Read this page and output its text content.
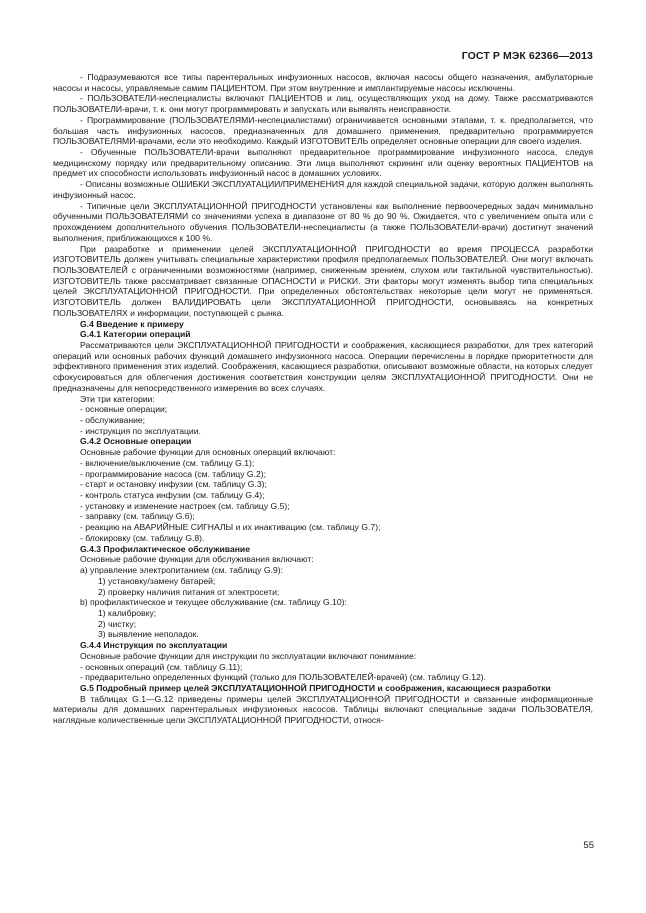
ГОСТ Р МЭК 62366—2013

- Подразумеваются все типы парентеральных инфузионных насосов, включая насосы общего назначения, амбулаторные насосы и насосы, управляемые самим ПАЦИЕНТОМ. При этом внутренние и имплантируемые насосы исключены.

- ПОЛЬЗОВАТЕЛИ-неспециалисты включают ПАЦИЕНТОВ и лиц, осуществляющих уход на дому. Также рассматриваются ПОЛЬЗОВАТЕЛИ-врачи, т. к. они могут программировать и запускать или выявлять неисправности.

- Программирование (ПОЛЬЗОВАТЕЛЯМИ-неспециалистами) ограничивается основными этапами, т. к. предполагается, что большая часть инфузионных насосов, предназначенных для домашнего применения, предварительно программируется ПОЛЬЗОВАТЕЛЯМИ-врачами, если это необходимо. Каждый ИЗГОТОВИТЕЛЬ определяет основные операции для своего изделия.

- Обученные ПОЛЬЗОВАТЕЛИ-врачи выполняют предварительное программирование инфузионного насоса, следуя медицинскому порядку или предварительному описанию. Эти лица выполняют скрининг или оценку вероятных ПАЦИЕНТОВ на предмет их способности использовать инфузионный насос в домашних условиях.

- Описаны возможные ОШИБКИ ЭКСПЛУАТАЦИИ/ПРИМЕНЕНИЯ для каждой специальной задачи, которую должен выполнять инфузионный насос.

- Типичные цели ЭКСПЛУАТАЦИОННОЙ ПРИГОДНОСТИ установлены как выполнение первоочередных задач минимально обученными ПОЛЬЗОВАТЕЛЯМИ со значениями успеха в диапазоне от 80 % до 90 %. Ожидается, что с увеличением опыта или с прохождением дополнительного обучения ПОЛЬЗОВАТЕЛИ-неспециалисты (а также ПОЛЬЗОВАТЕЛИ-врачи) достигнут значений выполнения, приближающихся к 100 %.

При разработке и применении целей ЭКСПЛУАТАЦИОННОЙ ПРИГОДНОСТИ во время ПРОЦЕССА разработки ИЗГОТОВИТЕЛЬ должен учитывать специальные характеристики профиля предполагаемых ПОЛЬЗОВАТЕЛЕЙ. Они могут включать ПОЛЬЗОВАТЕЛЕЙ с ограниченными возможностями (например, сниженным зрением, слухом или тактильной чувствительностью). ИЗГОТОВИТЕЛЬ также рассматривает связанные ОПАСНОСТИ и РИСКИ. Эти факторы могут изменять выбор типа специальных целей ЭКСПЛУАТАЦИОННОЙ ПРИГОДНОСТИ. При определенных обстоятельствах некоторые цели могут не применяться. ИЗГОТОВИТЕЛЬ должен ВАЛИДИРОВАТЬ цели ЭКСПЛУАТАЦИОННОЙ ПРИГОДНОСТИ, основываясь на конкретных ПОЛЬЗОВАТЕЛЯХ и информации, поступающей с рынка.

G.4 Введение к примеру

G.4.1 Категории операций

Рассматриваются цели ЭКСПЛУАТАЦИОННОЙ ПРИГОДНОСТИ и соображения, касающиеся разработки, для трех категорий операций или основных рабочих функций домашнего инфузионного насоса. Операции перечислены в порядке приоритетности для эффективного применения этих изделий. Соображения, касающиеся разработки, описывают возможные области, на которых следует сфокусироваться для облегчения достижения соответствия конструкции целям ЭКСПЛУАТАЦИОННОЙ ПРИГОДНОСТИ. Они не предназначены для непосредственного измерения во всех случаях.

Эти три категории:

- основные операции;

- обслуживание;

- инструкция по эксплуатации.

G.4.2 Основные операции

Основные рабочие функции для основных операций включают:

- включение/выключение (см. таблицу G.1);

- программирование насоса (см. таблицу G.2);

- старт и остановку инфузии (см. таблицу G.3);

- контроль статуса инфузии (см. таблицу G.4);

- установку и изменение настроек (см. таблицу G.5);

- заправку (см. таблицу G.6);

- реакцию на АВАРИЙНЫЕ СИГНАЛЫ и их инактивацию (см. таблицу G.7);

- блокировку (см. таблицу G.8).

G.4.3 Профилактическое обслуживание

Основные рабочие функции для обслуживания включают:

а) управление электропитанием (см. таблицу G.9):

1) установку/замену батарей;

2) проверку наличия питания от электросети;

b) профилактическое и текущее обслуживание (см. таблицу G.10):

1) калибровку;

2) чистку;

3) выявление неполадок.

G.4.4 Инструкция по эксплуатации

Основные рабочие функции для инструкции по эксплуатации включают понимание:

- основных операций (см. таблицу G.11);

- предварительно определенных функций (только для ПОЛЬЗОВАТЕЛЕЙ-врачей) (см. таблицу G.12).

G.5 Подробный пример целей ЭКСПЛУАТАЦИОННОЙ ПРИГОДНОСТИ и соображения, касающиеся разработки

В таблицах G.1—G.12 приведены примеры целей ЭКСПЛУАТАЦИОННОЙ ПРИГОДНОСТИ и связанные информационные материалы для домашних парентеральных инфузионных насосов. Таблицы включают специальные задачи ПОЛЬЗОВАТЕЛЯ, наглядные количественные цели ЭКСПЛУАТАЦИОННОЙ ПРИГОДНОСТИ, относя-

55
